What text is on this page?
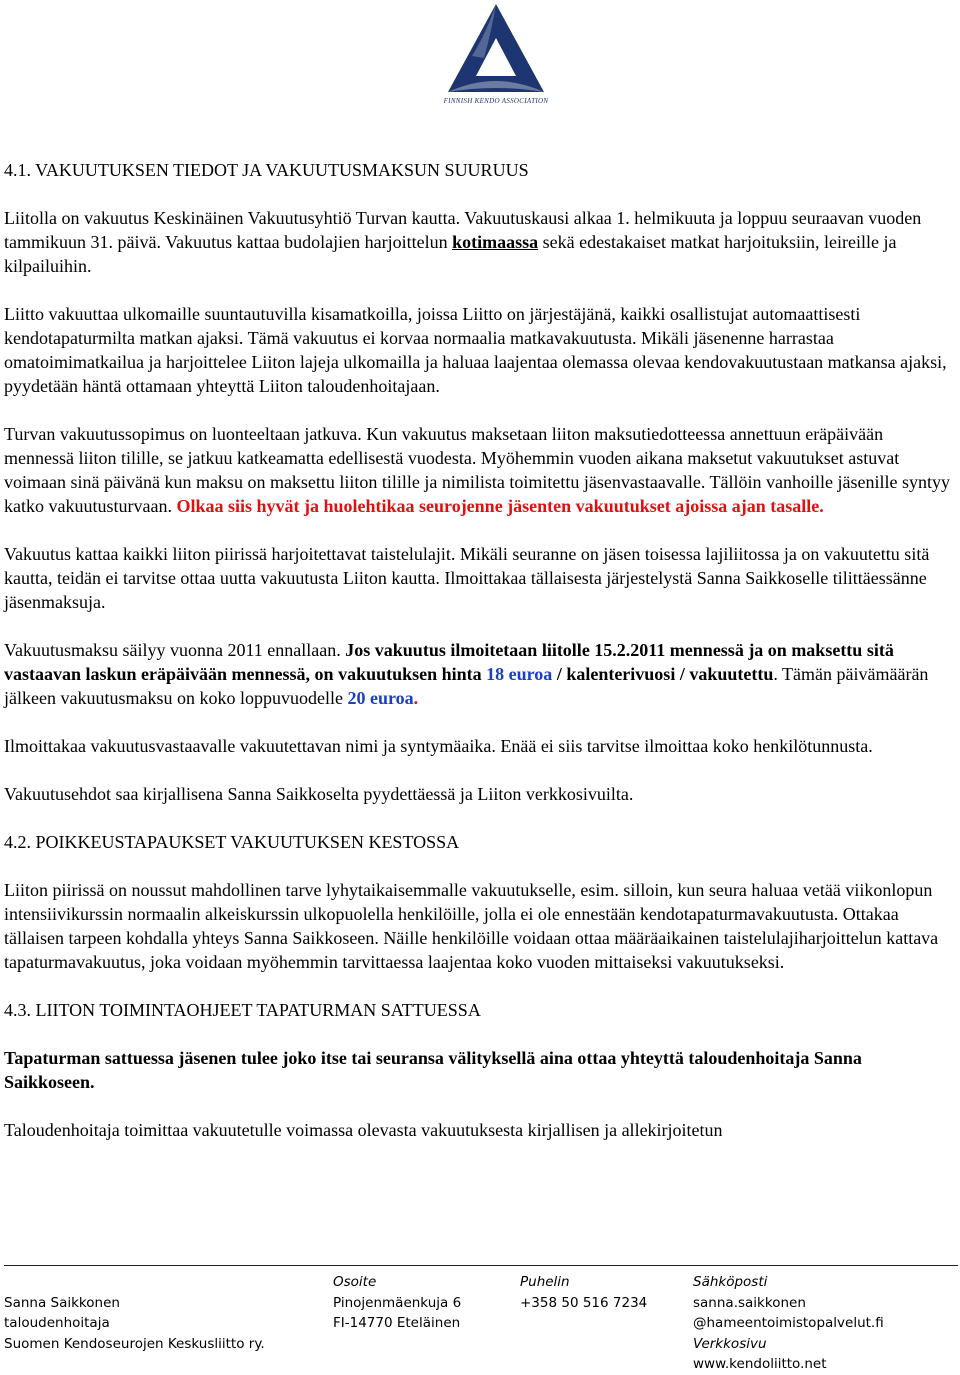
FINNISH KENDO ASSOCIATION
4.1. VAKUUTUKSEN TIEDOT JA VAKUUTUSMAKSUN SUURUUS

Liitolla on vakuutus Keskinäinen Vakuutusyhtiö Turvan kautta. Vakuutuskausi alkaa 1. helmikuuta ja loppuu seuraavan vuoden tammikuun 31. päivä. Vakuutus kattaa budolajien harjoittelun kotimaassa sekä edestakaiset matkat harjoituksiin, leireille ja kilpailuihin.

Liitto vakuuttaa ulkomaille suuntautuvilla kisamatkoilla, joissa Liitto on järjestäjänä, kaikki osallistujat automaattisesti kendotapaturmilta matkan ajaksi. Tämä vakuutus ei korvaa normaalia matkavakuutusta. Mikäli jäsenenne harrastaa omatoimimatkailua ja harjoittelee Liiton lajeja ulkomailla ja haluaa laajentaa olemassa olevaa kendovakuutustaan matkansa ajaksi, pyydetään häntä ottamaan yhteyttä Liiton taloudenhoitajaan.

Turvan vakuutussopimus on luonteeltaan jatkuva. Kun vakuutus maksetaan liiton maksutiedotteessa annettuun eräpäivään mennessä liiton tilille, se jatkuu katkeamatta edellisestä vuodesta. Myöhemmin vuoden aikana maksetut vakuutukset astuvat voimaan sinä päivänä kun maksu on maksettu liiton tilille ja nimilista toimitettu jäsenvastaavalle. Tällöin vanhoille jäsenille syntyy katko vakuutusturvaan. Olkaa siis hyvät ja huolehtikaa seurojenne jäsenten vakuutukset ajoissa ajan tasalle.

Vakuutus kattaa kaikki liiton piirissä harjoitettavat taistelulajit. Mikäli seuranne on jäsen toisessa lajiliitossa ja on vakuutettu sitä kautta, teidän ei tarvitse ottaa uutta vakuutusta Liiton kautta. Ilmoittakaa tällaisesta järjestelystä Sanna Saikkoselle tilittäessänne jäsenmaksuja.

Vakuutusmaksu säilyy vuonna 2011 ennallaan. Jos vakuutus ilmoitetaan liitolle 15.2.2011 mennessä ja on maksettu sitä vastaavan laskun eräpäivään mennessä, on vakuutuksen hinta 18 euroa / kalenterivuosi / vakuutettu. Tämän päivämäärän jälkeen vakuutusmaksu on koko loppuvuodelle 20 euroa.

Ilmoittakaa vakuutusvastaavalle vakuutettavan nimi ja syntymäaika. Enää ei siis tarvitse ilmoittaa koko henkilötunnusta.

Vakuutusehdot saa kirjallisena Sanna Saikkoselta pyydettäessä ja Liiton verkkosivuilta.

4.2. POIKKEUSTAPAUKSET VAKUUTUKSEN KESTOSSA

Liiton piirissä on noussut mahdollinen tarve lyhytaikaisemmalle vakuutukselle, esim. silloin, kun seura haluaa vetää viikonlopun intensiivikurssin normaalin alkeiskurssin ulkopuolella henkilöille, jolla ei ole ennestään kendotapaturmavakuutusta. Ottakaa tällaisen tarpeen kohdalla yhteys Sanna Saikkoseen. Näille henkilöille voidaan ottaa määräaikainen taistelulajiharjoittelun kattava tapaturmavakuutus, joka voidaan myöhemmin tarvittaessa laajentaa koko vuoden mittaiseksi vakuutukseksi.

4.3. LIITON TOIMINTAOHJEET TAPATURMAN SATTUESSA

Tapaturman sattuessa jäsenen tulee joko itse tai seuransa välityksellä aina ottaa yhteyttä taloudenhoitaja Sanna Saikkoseen.

Taloudenhoitaja toimittaa vakuutetulle voimassa olevasta vakuutuksesta kirjallisen ja allekirjoitetun

Sanna Saikkonen
taloudenhoitaja
Suomen Kendoseurojen Keskusliitto ry.
Osoite
Pinojenmäenkuja 6
FI-14770 Eteläinen
Puhelin
+358 50 516 7234
Sähköposti
sanna.saikkonen
@hameentoimistopalvelut.fi
Verkkosivu
www.kendoliitto.net
